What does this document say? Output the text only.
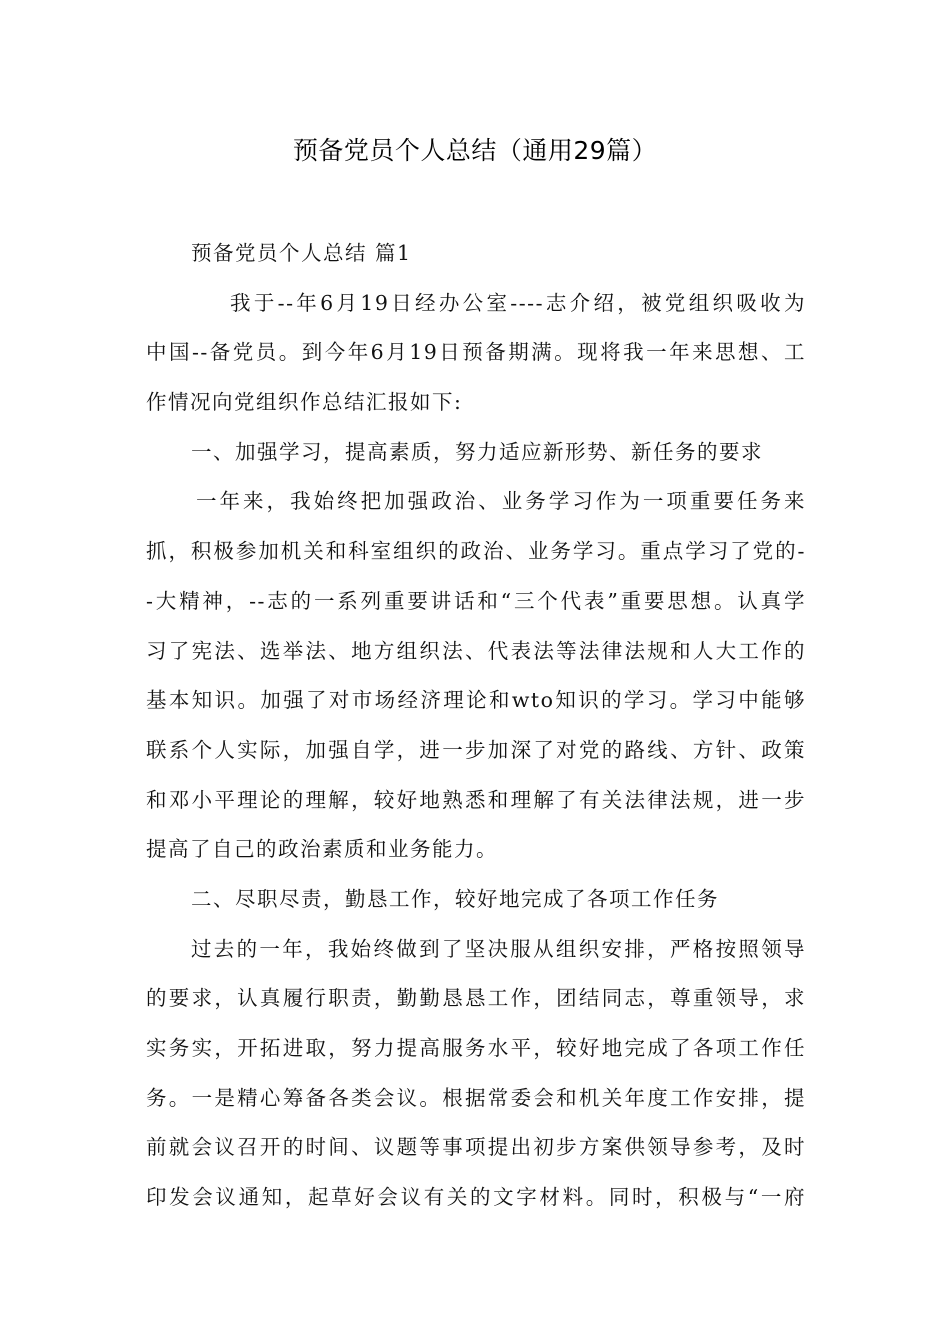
预备党员个人总结（通用29篇）
预备党员个人总结 篇1
我于--年6月19日经办公室----志介绍，被党组织吸收为
中国--备党员。到今年6月19日预备期满。现将我一年来思想、工
作情况向党组织作总结汇报如下:
一、加强学习，提高素质，努力适应新形势、新任务的要求
一年来，我始终把加强政治、业务学习作为一项重要任务来
抓，积极参加机关和科室组织的政治、业务学习。重点学习了党的-
-大精神，--志的一系列重要讲话和“三个代表”重要思想。认真学
习了宪法、选举法、地方组织法、代表法等法律法规和人大工作的
基本知识。加强了对市场经济理论和wto知识的学习。学习中能够
联系个人实际，加强自学，进一步加深了对党的路线、方针、政策
和邓小平理论的理解，较好地熟悉和理解了有关法律法规，进一步
提高了自己的政治素质和业务能力。
二、尽职尽责，勤恳工作，较好地完成了各项工作任务
过去的一年，我始终做到了坚决服从组织安排，严格按照领导
的要求，认真履行职责，勤勤恳恳工作，团结同志，尊重领导，求
实务实，开拓进取，努力提高服务水平，较好地完成了各项工作任
务。一是精心筹备各类会议。根据常委会和机关年度工作安排，提
前就会议召开的时间、议题等事项提出初步方案供领导参考，及时
印发会议通知，起草好会议有关的文字材料。同时，积极与“一府
